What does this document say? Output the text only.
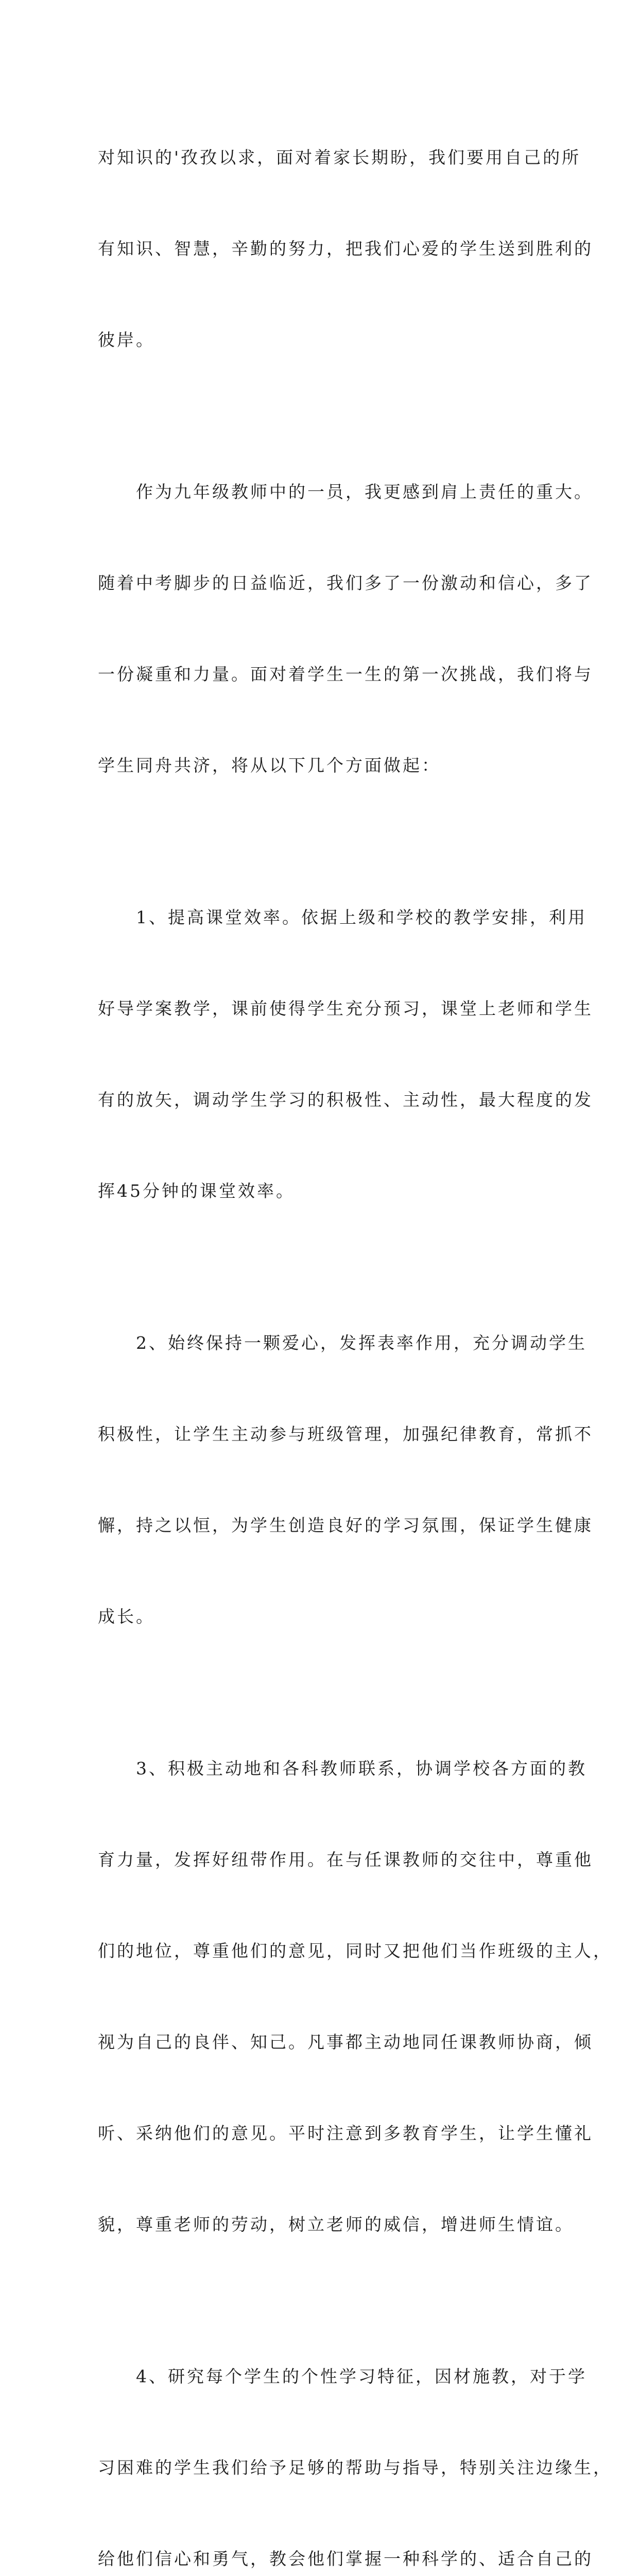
对知识的'孜孜以求，面对着家长期盼，我们要用自己的所

有知识、智慧，辛勤的努力，把我们心爱的学生送到胜利的

彼岸。

　　作为九年级教师中的一员，我更感到肩上责任的重大。

随着中考脚步的日益临近，我们多了一份激动和信心，多了

一份凝重和力量。面对着学生一生的第一次挑战，我们将与

学生同舟共济，将从以下几个方面做起：

　　1、提高课堂效率。依据上级和学校的教学安排，利用

好导学案教学，课前使得学生充分预习，课堂上老师和学生

有的放矢，调动学生学习的积极性、主动性，最大程度的发

挥45分钟的课堂效率。

　　2、始终保持一颗爱心，发挥表率作用，充分调动学生

积极性，让学生主动参与班级管理，加强纪律教育，常抓不

懈，持之以恒，为学生创造良好的学习氛围，保证学生健康

成长。

　　3、积极主动地和各科教师联系，协调学校各方面的教

育力量，发挥好纽带作用。在与任课教师的交往中，尊重他

们的地位，尊重他们的意见，同时又把他们当作班级的主人，

视为自己的良伴、知己。凡事都主动地同任课教师协商，倾

听、采纳他们的意见。平时注意到多教育学生，让学生懂礼

貌，尊重老师的劳动，树立老师的威信，增进师生情谊。

　　4、研究每个学生的个性学习特征，因材施教，对于学

习困难的学生我们给予足够的帮助与指导，特别关注边缘生，

给他们信心和勇气，教会他们掌握一种科学的、适合自己的
